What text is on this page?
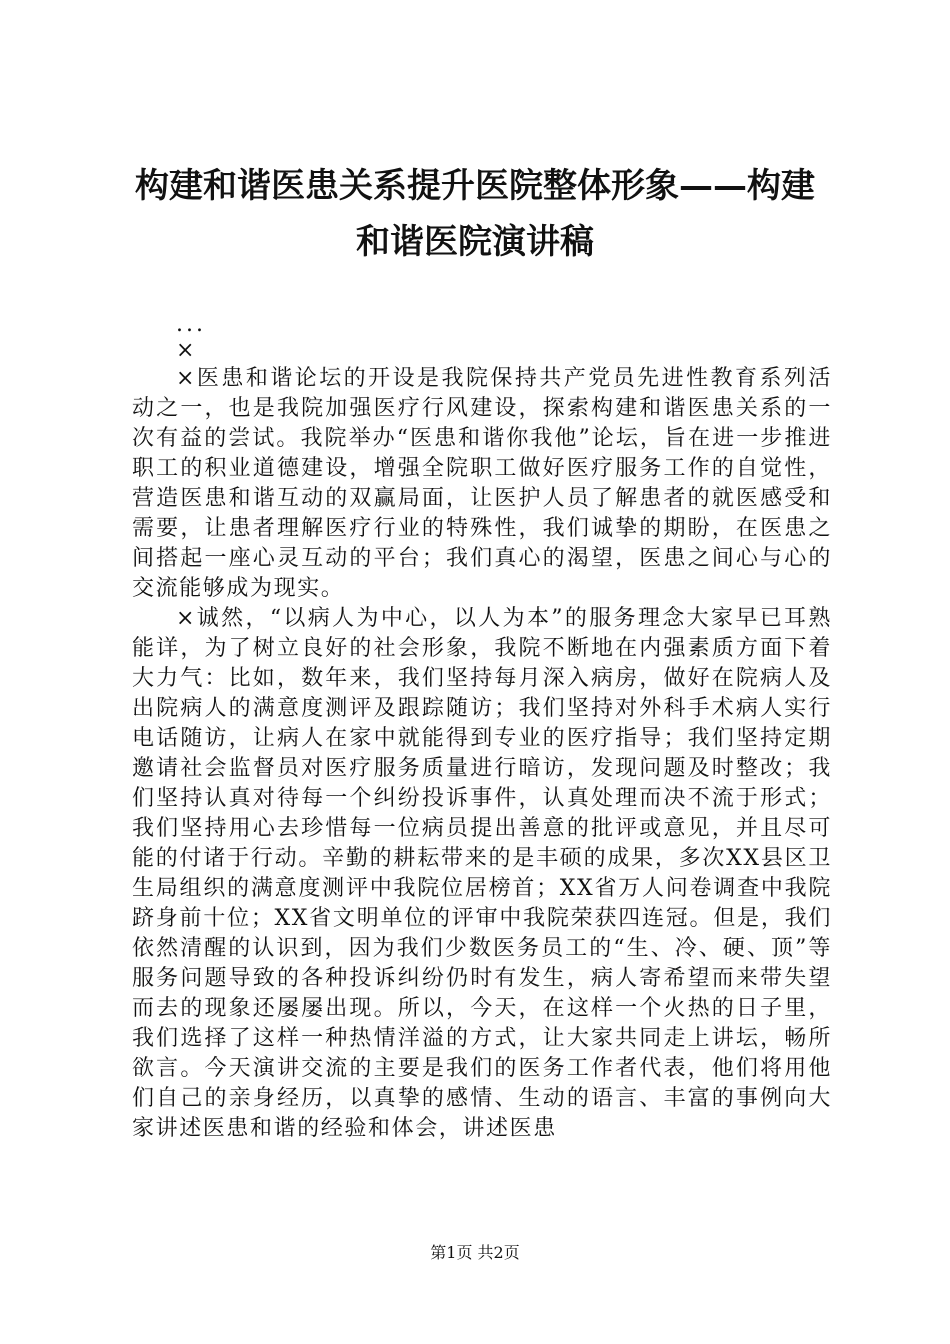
构建和谐医患关系提升医院整体形象——构建
和谐医院演讲稿

...

×

×医患和谐论坛的开设是我院保持共产党员先进性教育系列活动之一，也是我院加强医疗行风建设，探索构建和谐医患关系的一次有益的尝试。我院举办“医患和谐你我他”论坛，旨在进一步推进职工的积业道德建设，增强全院职工做好医疗服务工作的自觉性，营造医患和谐互动的双赢局面，让医护人员了解患者的就医感受和需要，让患者理解医疗行业的特殊性，我们诚挚的期盼，在医患之间搭起一座心灵互动的平台；我们真心的渴望，医患之间心与心的交流能够成为现实。

×诚然，“以病人为中心，以人为本”的服务理念大家早已耳熟能详，为了树立良好的社会形象，我院不断地在内强素质方面下着大力气：比如，数年来，我们坚持每月深入病房，做好在院病人及出院病人的满意度测评及跟踪随访；我们坚持对外科手术病人实行电话随访，让病人在家中就能得到专业的医疗指导；我们坚持定期邀请社会监督员对医疗服务质量进行暗访，发现问题及时整改；我们坚持认真对待每一个纠纷投诉事件，认真处理而决不流于形式；我们坚持用心去珍惜每一位病员提出善意的批评或意见，并且尽可能的付诸于行动。辛勤的耕耘带来的是丰硕的成果，多次XX县区卫生局组织的满意度测评中我院位居榜首；XX省万人问卷调查中我院跻身前十位；XX省文明单位的评审中我院荣获四连冠。但是，我们依然清醒的认识到，因为我们少数医务员工的“生、冷、硬、顶”等服务问题导致的各种投诉纠纷仍时有发生，病人寄希望而来带失望而去的现象还屡屡出现。所以，今天，在这样一个火热的日子里，我们选择了这样一种热情洋溢的方式，让大家共同走上讲坛，畅所欲言。今天演讲交流的主要是我们的医务工作者代表，他们将用他们自己的亲身经历，以真挚的感情、生动的语言、丰富的事例向大家讲述医患和谐的经验和体会，讲述医患

第1页 共2页
